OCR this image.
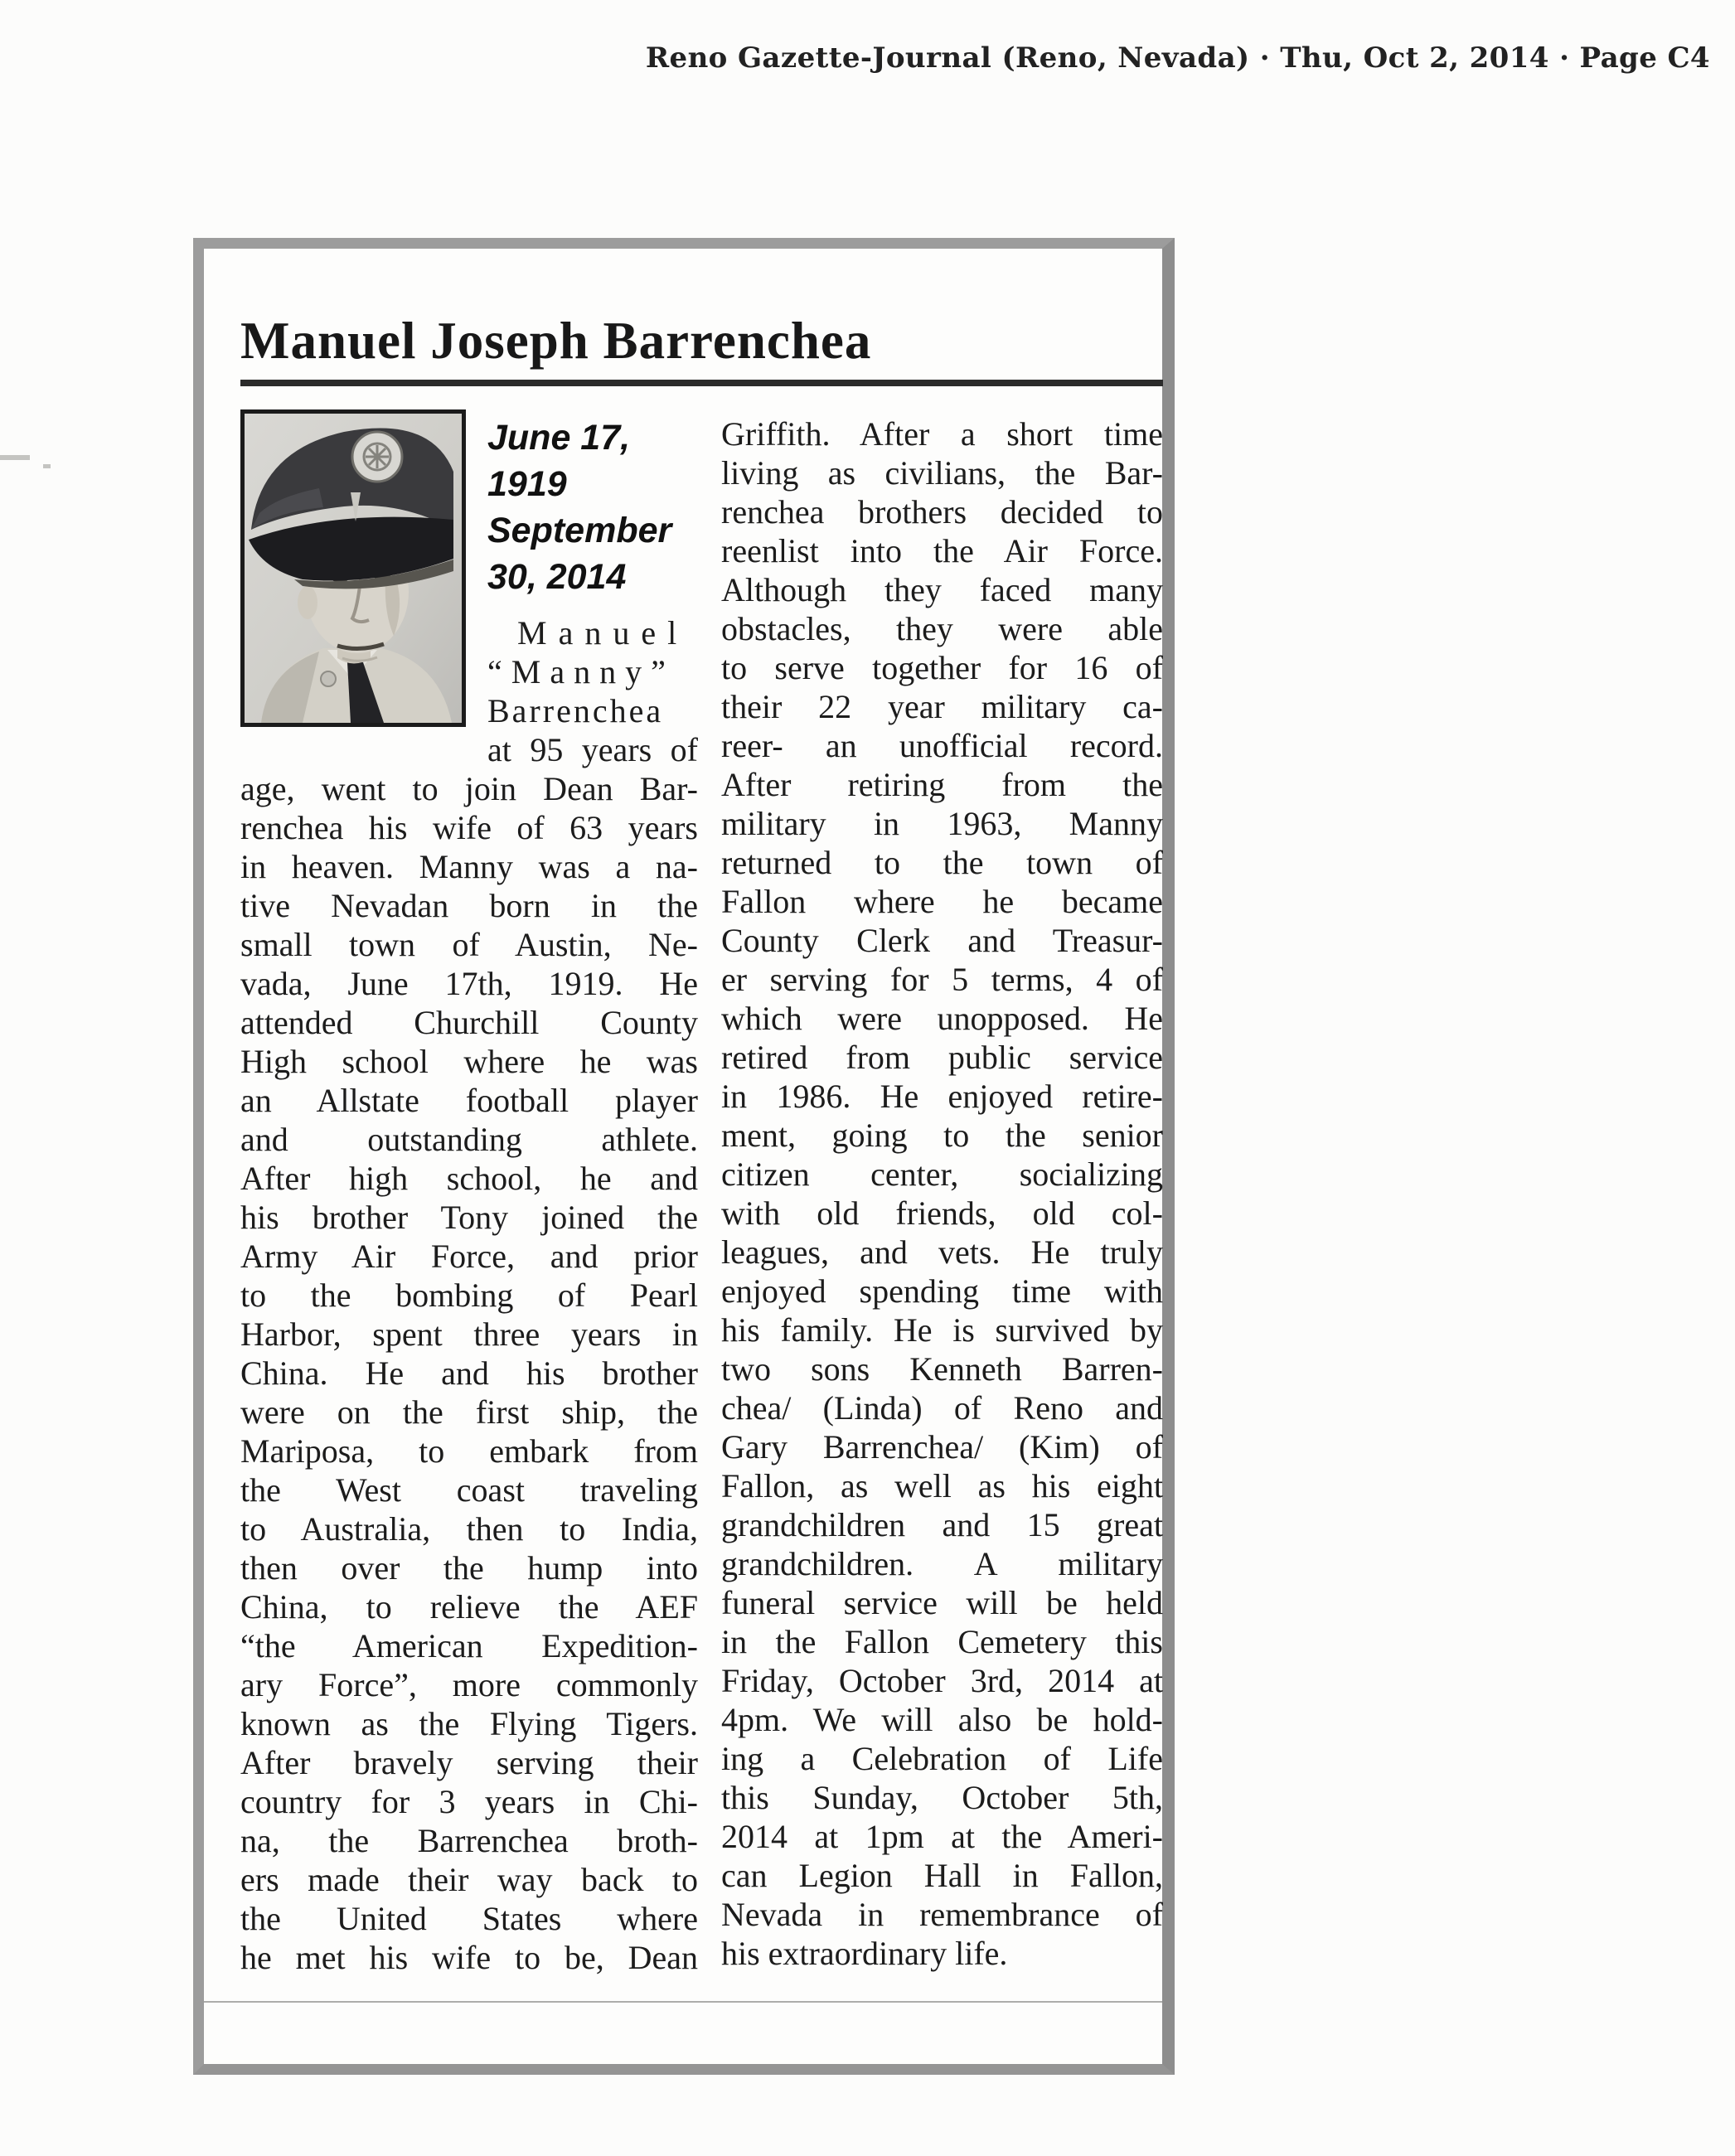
Reno Gazette-Journal (Reno, Nevada) · Thu, Oct 2, 2014 · Page C4
Manuel Joseph Barrenchea
June 17,
1919
September
30, 2014
Manuel
“Manny”
Barrenchea
at 95 years of
age, went to join Dean Bar-
renchea his wife of 63 years
in heaven. Manny was a na-
tive Nevadan born in the
small town of Austin, Ne-
vada, June 17th, 1919. He
attended Churchill County
High school where he was
an Allstate football player
and outstanding athlete.
After high school, he and
his brother Tony joined the
Army Air Force, and prior
to the bombing of Pearl
Harbor, spent three years in
China. He and his brother
were on the first ship, the
Mariposa, to embark from
the West coast traveling
to Australia, then to India,
then over the hump into
China, to relieve the AEF
“the American Expedition-
ary Force”, more commonly
known as the Flying Tigers.
After bravely serving their
country for 3 years in Chi-
na, the Barrenchea broth-
ers made their way back to
the United States where
he met his wife to be, Dean
Griffith. After a short time
living as civilians, the Bar-
renchea brothers decided to
reenlist into the Air Force.
Although they faced many
obstacles, they were able
to serve together for 16 of
their 22 year military ca-
reer- an unofficial record.
After retiring from the
military in 1963, Manny
returned to the town of
Fallon where he became
County Clerk and Treasur-
er serving for 5 terms, 4 of
which were unopposed. He
retired from public service
in 1986. He enjoyed retire-
ment, going to the senior
citizen center, socializing
with old friends, old col-
leagues, and vets. He truly
enjoyed spending time with
his family. He is survived by
two sons Kenneth Barren-
chea/ (Linda) of Reno and
Gary Barrenchea/ (Kim) of
Fallon, as well as his eight
grandchildren and 15 great
grandchildren. A military
funeral service will be held
in the Fallon Cemetery this
Friday, October 3rd, 2014 at
4pm. We will also be hold-
ing a Celebration of Life
this Sunday, October 5th,
2014 at 1pm at the Ameri-
can Legion Hall in Fallon,
Nevada in remembrance of
his extraordinary life.
